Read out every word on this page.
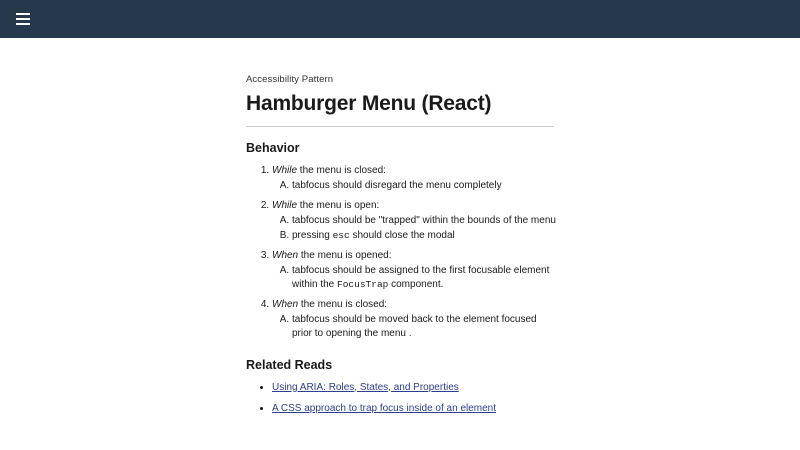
Accessibility Pattern
Hamburger Menu (React)
Behavior
1. While the menu is closed:
A. tabfocus should disregard the menu completely
2. While the menu is open:
A. tabfocus should be "trapped" within the bounds of the menu
B. pressing esc should close the modal
3. When the menu is opened:
A. tabfocus should be assigned to the first focusable element within the FocusTrap component.
4. When the menu is closed:
A. tabfocus should be moved back to the element focused prior to opening the menu .
Related Reads
• Using ARIA: Roles, States, and Properties
• A CSS approach to trap focus inside of an element
